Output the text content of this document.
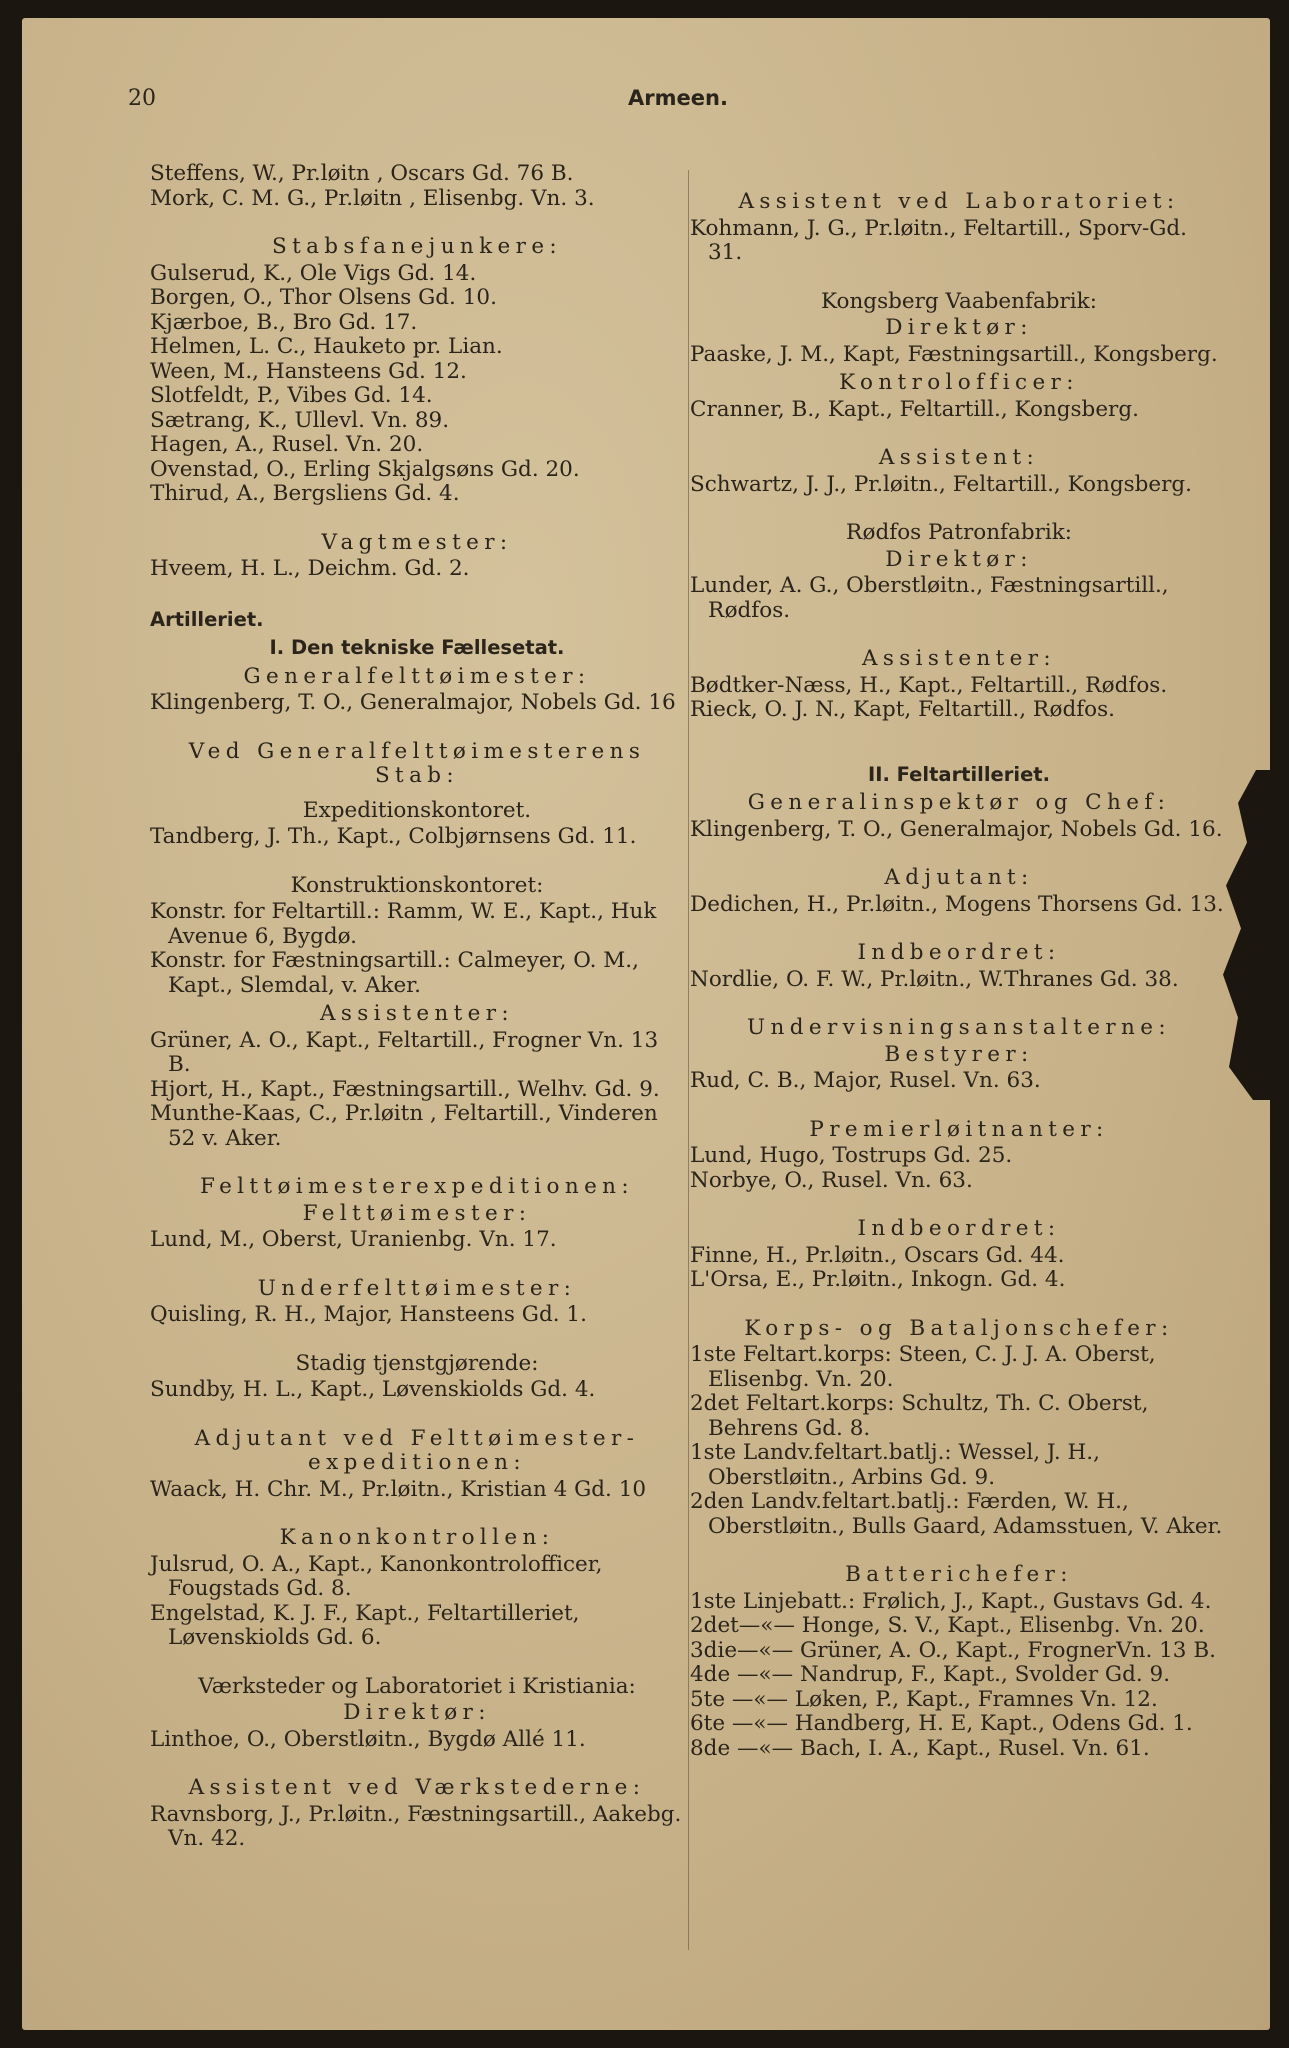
20	Armeen.

Steffens, W., Pr.løitn , Oscars Gd. 76 B.

Mork, C. M. G., Pr.løitn , Elisenbg. Vn. 3.

Stabsfanejunkere:

Gulserud, K., Ole Vigs Gd. 14.

Borgen, O., Thor Olsens Gd. 10.

Kjærboe, B., Bro Gd. 17.

Helmen, L. C., Hauketo pr. Lian.

Ween, M., Hansteens Gd. 12.

Slotfeldt, P., Vibes Gd. 14.

Sætrang, K., Ullevl. Vn. 89.

Hagen, A., Rusel. Vn. 20.

Ovenstad, O., Erling Skjalgsøns Gd. 20.

Thirud, A., Bergsliens Gd. 4.

Vagtmester:

Hveem, H. L., Deichm. Gd. 2.

Artilleriet.
I. Den tekniske Fællesetat.
Generalfelttøimester:

Klingenberg, T. O., Generalmajor, Nobels Gd. 16

Ved Generalfelttøimesterens Stab:
Expeditionskontoret.

Tandberg, J. Th., Kapt., Colbjørnsens Gd. 11.

Konstruktionskontoret:

Konstr. for Feltartill.: Ramm, W. E., Kapt., Huk Avenue 6, Bygdø.

Konstr. for Fæstningsartill.: Calmeyer, O. M., Kapt., Slemdal, v. Aker.

Assistenter:

Grüner, A. O., Kapt., Feltartill., Frogner Vn. 13 B.

Hjort, H., Kapt., Fæstningsartill., Welhv. Gd. 9.

Munthe-Kaas, C., Pr.løitn , Feltartill., Vinderen 52 v. Aker.

Felttøimesterexpeditionen:
Felttøimester:

Lund, M., Oberst, Uranienbg. Vn. 17.

Underfelttøimester:

Quisling, R. H., Major, Hansteens Gd. 1.

Stadig tjenstgjørende:

Sundby, H. L., Kapt., Løvenskiolds Gd. 4.

Adjutant ved Felttøimester-expeditionen:

Waack, H. Chr. M., Pr.løitn., Kristian 4 Gd. 10

Kanonkontrollen:

Julsrud, O. A., Kapt., Kanonkontrolofficer, Fougstads Gd. 8.

Engelstad, K. J. F., Kapt., Feltartilleriet, Løvenskiolds Gd. 6.

Værksteder og Laboratoriet i Kristiania:
Direktør:

Linthoe, O., Oberstløitn., Bygdø Allé 11.

Assistent ved Værkstederne:

Ravnsborg, J., Pr.løitn., Fæstningsartill., Aakebg. Vn. 42.

Assistent ved Laboratoriet:

Kohmann, J. G., Pr.løitn., Feltartill., Sporv-Gd. 31.

Kongsberg Vaabenfabrik:
Direktør:

Paaske, J. M., Kapt, Fæstningsartill., Kongsberg.

Kontrolofficer:

Cranner, B., Kapt., Feltartill., Kongsberg.

Assistent:

Schwartz, J. J., Pr.løitn., Feltartill., Kongsberg.

Rødfos Patronfabrik:
Direktør:

Lunder, A. G., Oberstløitn., Fæstningsartill., Rødfos.

Assistenter:

Bødtker-Næss, H., Kapt., Feltartill., Rødfos.

Rieck, O. J. N., Kapt, Feltartill., Rødfos.

II. Feltartilleriet.
Generalinspektør og Chef:

Klingenberg, T. O., Generalmajor, Nobels Gd. 16.

Adjutant:

Dedichen, H., Pr.løitn., Mogens Thorsens Gd. 13.

Indbeordret:

Nordlie, O. F. W., Pr.løitn., W.Thranes Gd. 38.

Undervisningsanstalterne:
Bestyrer:

Rud, C. B., Major, Rusel. Vn. 63.

Premierløitnanter:

Lund, Hugo, Tostrups Gd. 25.

Norbye, O., Rusel. Vn. 63.

Indbeordret:

Finne, H., Pr.løitn., Oscars Gd. 44.

L'Orsa, E., Pr.løitn., Inkogn. Gd. 4.

Korps- og Bataljonschefer:

1ste Feltart.korps: Steen, C. J. J. A. Oberst, Elisenbg. Vn. 20.

2det Feltart.korps: Schultz, Th. C. Oberst, Behrens Gd. 8.

1ste Landv.feltart.batlj.: Wessel, J. H., Oberstløitn., Arbins Gd. 9.

2den Landv.feltart.batlj.: Færden, W. H., Oberstløitn., Bulls Gaard, Adamsstuen, V. Aker.

Batterichefer:

1ste Linjebatt.: Frølich, J., Kapt., Gustavs Gd. 4.

2det—«— Honge, S. V., Kapt., Elisenbg. Vn. 20.

3die—«— Grüner, A. O., Kapt., FrognerVn. 13 B.

4de —«— Nandrup, F., Kapt., Svolder Gd. 9.

5te —«— Løken, P., Kapt., Framnes Vn. 12.

6te —«— Handberg, H. E, Kapt., Odens Gd. 1.

8de —«— Bach, I. A., Kapt., Rusel. Vn. 61.
